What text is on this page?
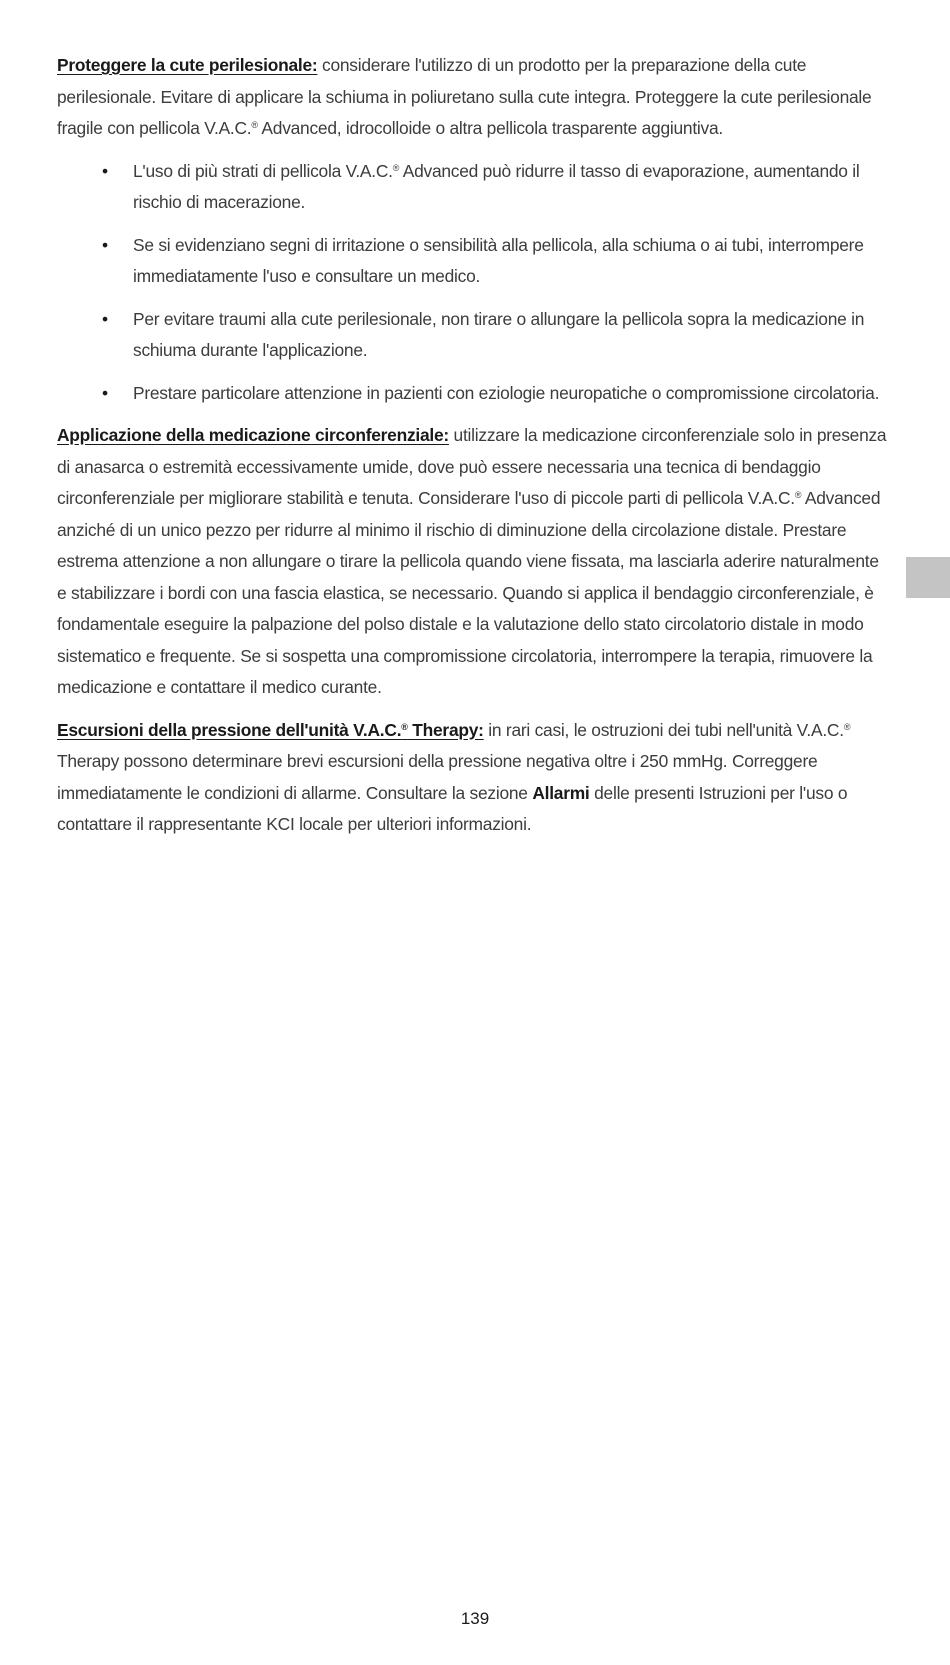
Proteggere la cute perilesionale: considerare l'utilizzo di un prodotto per la preparazione della cute perilesionale. Evitare di applicare la schiuma in poliuretano sulla cute integra. Proteggere la cute perilesionale fragile con pellicola V.A.C.® Advanced, idrocolloide o altra pellicola trasparente aggiuntiva.

• L'uso di più strati di pellicola V.A.C.® Advanced può ridurre il tasso di evaporazione, aumentando il rischio di macerazione.
• Se si evidenziano segni di irritazione o sensibilità alla pellicola, alla schiuma o ai tubi, interrompere immediatamente l'uso e consultare un medico.
• Per evitare traumi alla cute perilesionale, non tirare o allungare la pellicola sopra la medicazione in schiuma durante l'applicazione.
• Prestare particolare attenzione in pazienti con eziologie neuropatiche o compromissione circolatoria.

Applicazione della medicazione circonferenziale: utilizzare la medicazione circonferenziale solo in presenza di anasarca o estremità eccessivamente umide, dove può essere necessaria una tecnica di bendaggio circonferenziale per migliorare stabilità e tenuta. Considerare l'uso di piccole parti di pellicola V.A.C.® Advanced anziché di un unico pezzo per ridurre al minimo il rischio di diminuzione della circolazione distale. Prestare estrema attenzione a non allungare o tirare la pellicola quando viene fissata, ma lasciarla aderire naturalmente e stabilizzare i bordi con una fascia elastica, se necessario. Quando si applica il bendaggio circonferenziale, è fondamentale eseguire la palpazione del polso distale e la valutazione dello stato circolatorio distale in modo sistematico e frequente. Se si sospetta una compromissione circolatoria, interrompere la terapia, rimuovere la medicazione e contattare il medico curante.

Escursioni della pressione dell'unità V.A.C.® Therapy: in rari casi, le ostruzioni dei tubi nell'unità V.A.C.® Therapy possono determinare brevi escursioni della pressione negativa oltre i 250 mmHg. Correggere immediatamente le condizioni di allarme. Consultare la sezione Allarmi delle presenti Istruzioni per l'uso o contattare il rappresentante KCI locale per ulteriori informazioni.

139
